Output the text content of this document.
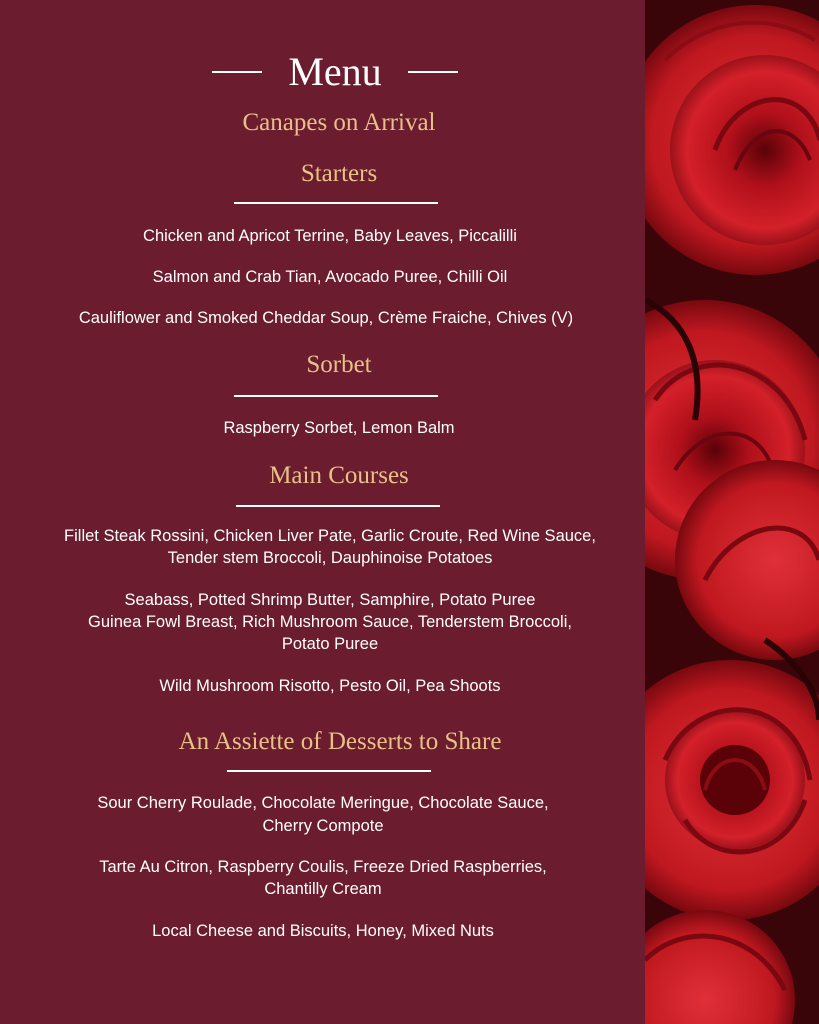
Menu
Canapes on Arrival
Starters
Chicken and Apricot Terrine, Baby Leaves, Piccalilli
Salmon and Crab Tian, Avocado Puree, Chilli Oil
Cauliflower and Smoked Cheddar Soup, Crème Fraiche, Chives (V)
Sorbet
Raspberry Sorbet, Lemon Balm
Main Courses
Fillet Steak Rossini, Chicken Liver Pate, Garlic Croute, Red Wine Sauce,
Tender stem Broccoli, Dauphinoise Potatoes
Seabass, Potted Shrimp Butter, Samphire, Potato Puree
Guinea Fowl Breast, Rich Mushroom Sauce, Tenderstem Broccoli,
Potato Puree
Wild Mushroom Risotto, Pesto Oil, Pea Shoots
An Assiette of Desserts to Share
Sour Cherry Roulade, Chocolate Meringue, Chocolate Sauce,
Cherry Compote
Tarte Au Citron, Raspberry Coulis, Freeze Dried Raspberries,
Chantilly Cream
Local Cheese and Biscuits, Honey, Mixed Nuts
